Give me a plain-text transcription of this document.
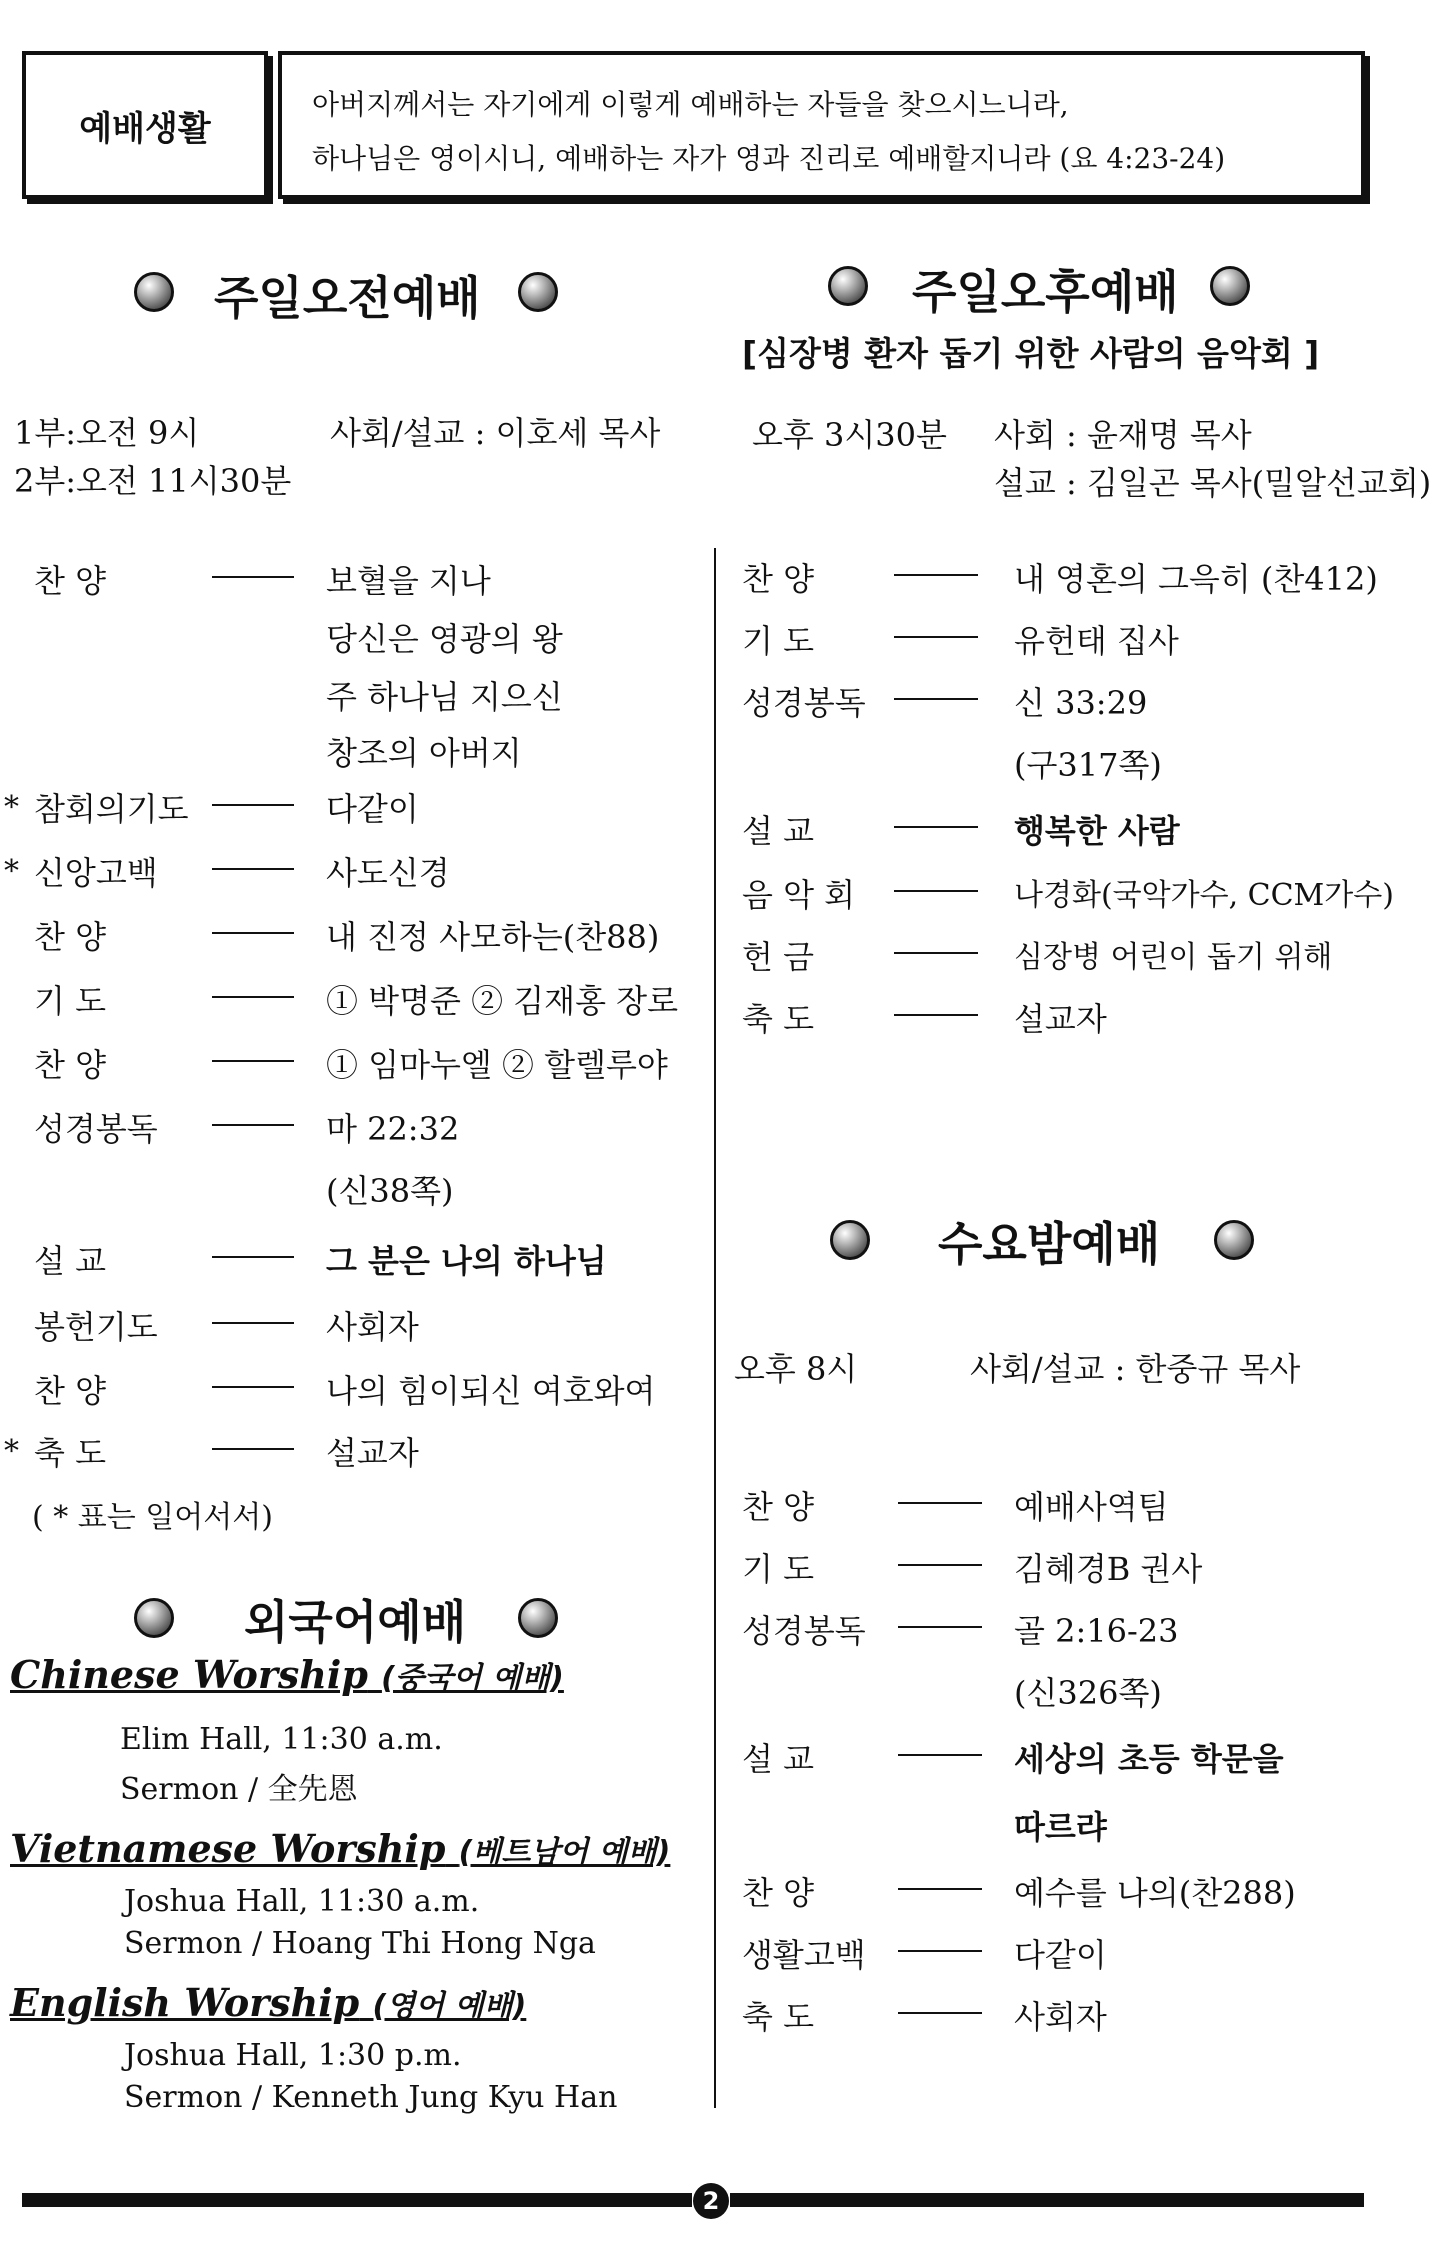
예배생활
아버지께서는 자기에게 이렇게 예배하는 자들을 찾으시느니라,
하나님은 영이시니, 예배하는 자가 영과 진리로 예배할지니라 (요 4:23-24)
주일오전예배
1부:오전 9시	사회/설교 : 이호세 목사
2부:오전 11시30분
찬 양	보혈을 지나
당신은 영광의 왕
주 하나님 지으신
창조의 아버지
* 참회의기도	다같이
* 신앙고백	사도신경
찬 양	내 진정 사모하는(찬88)
기 도	① 박명준 ② 김재홍 장로
찬 양	① 임마누엘 ② 할렐루야
성경봉독	마 22:32
(신38쪽)
설 교	그 분은 나의 하나님
봉헌기도	사회자
찬 양	나의 힘이되신 여호와여
* 축 도	설교자
( * 표는 일어서서)
외국어예배
Chinese Worship (중국어 예배)
Elim Hall, 11:30 a.m.
Sermon / 全先恩
Vietnamese Worship (베트남어 예배)
Joshua Hall, 11:30 a.m.
Sermon / Hoang Thi Hong Nga
English Worship (영어 예배)
Joshua Hall, 1:30 p.m.
Sermon / Kenneth Jung Kyu Han
주일오후예배
[심장병 환자 돕기 위한 사람의 음악회 ]
오후 3시30분 사회 : 윤재명 목사
설교 : 김일곤 목사(밀알선교회)
찬 양	내 영혼의 그윽히 (찬412)
기 도	유헌태 집사
성경봉독	신 33:29
(구317쪽)
설 교	행복한 사람
음 악 회	나경화(국악가수, CCM가수)
헌 금	심장병 어린이 돕기 위해
축 도	설교자
수요밤예배
오후 8시	사회/설교 : 한중규 목사
찬 양	예배사역팀
기 도	김혜경B 권사
성경봉독	골 2:16-23
(신326쪽)
설 교	세상의 초등 학문을
따르랴
찬 양	예수를 나의(찬288)
생활고백	다같이
축 도	사회자
2
